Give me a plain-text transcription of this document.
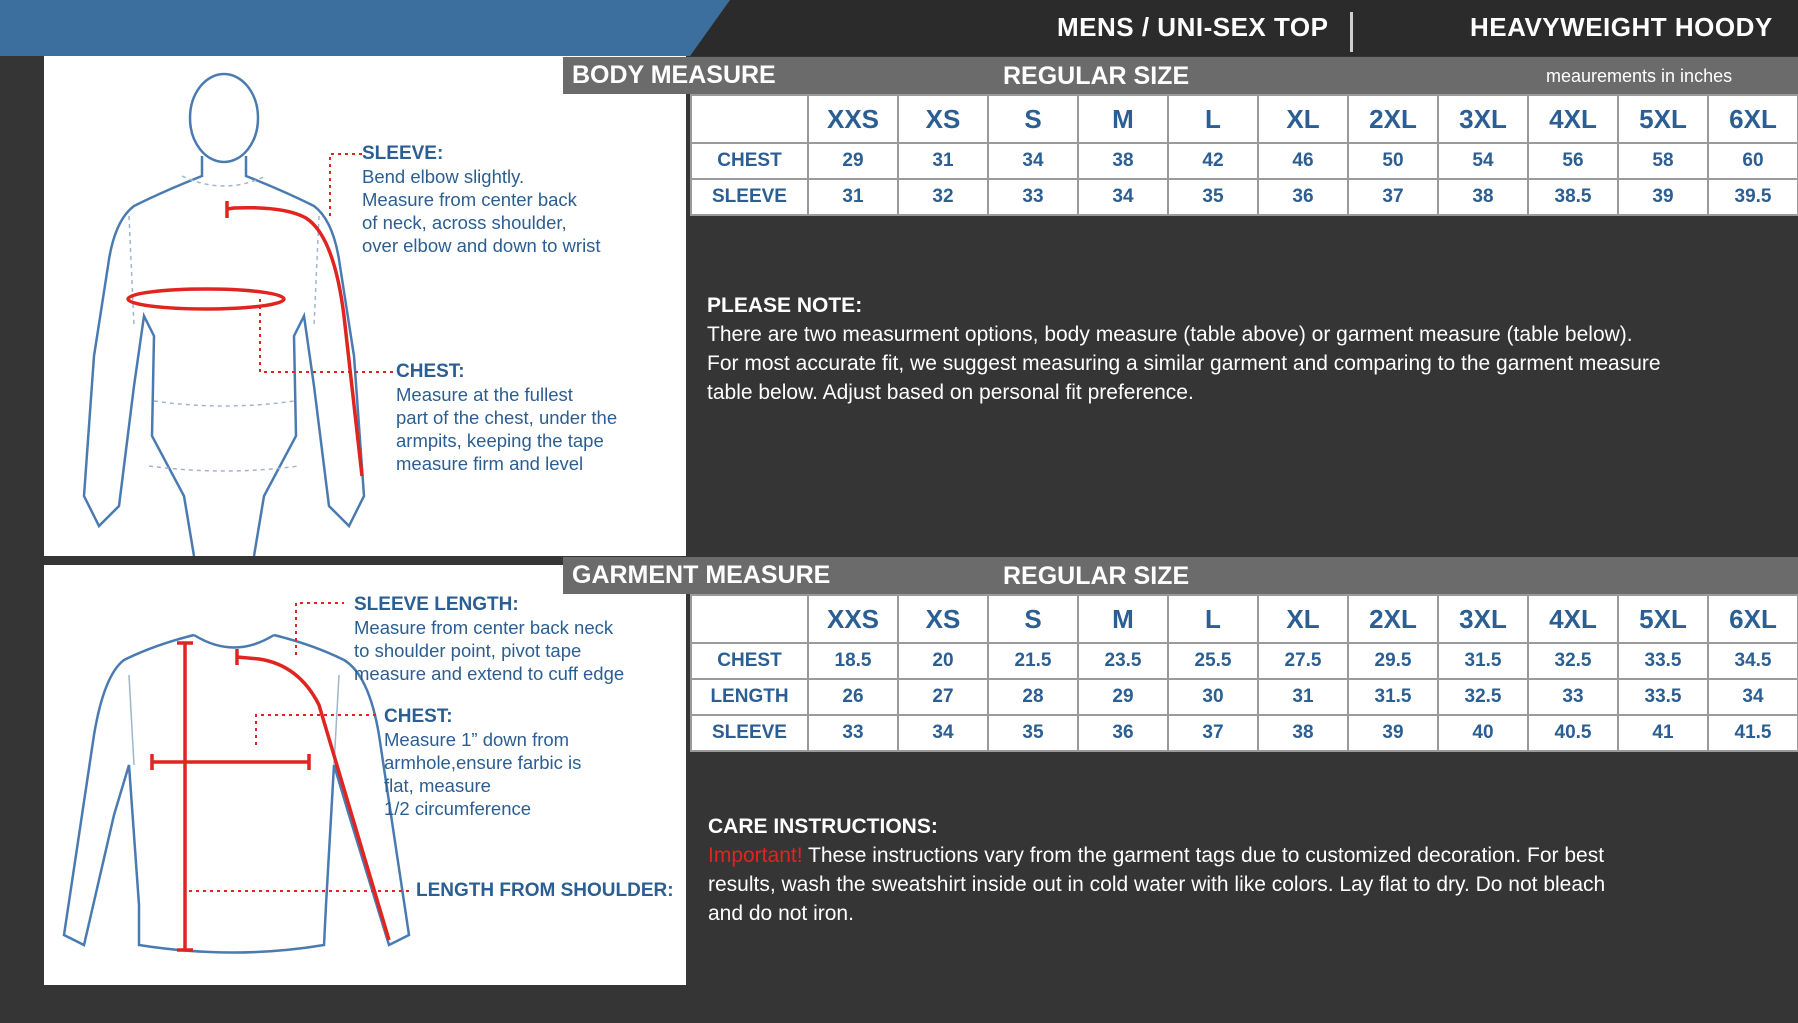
MENS / UNI-SEX TOP	HEAVYWEIGHT HOODY
SLEEVE:
Bend elbow slightly.
Measure from center back
of neck, across shoulder,
over elbow and down to wrist
CHEST:
Measure at the fullest
part of the chest, under the
armpits, keeping the tape
measure firm and level
BODY MEASURE	REGULAR SIZE	meaurements in inches
	XXS	XS	S	M	L	XL	2XL	3XL	4XL	5XL	6XL
CHEST	29	31	34	38	42	46	50	54	56	58	60
SLEEVE	31	32	33	34	35	36	37	38	38.5	39	39.5
PLEASE NOTE:
There are two measurment options, body measure (table above) or garment measure (table below).
For most accurate fit, we suggest measuring a similar garment and comparing to the garment measure
table below. Adjust based on personal fit preference.
SLEEVE LENGTH:
Measure from center back neck
to shoulder point, pivot tape
measure and extend to cuff edge
CHEST:
Measure 1” down from
armhole,ensure farbic is
flat, measure
1/2 circumference
LENGTH FROM SHOULDER:
GARMENT MEASURE	REGULAR SIZE
	XXS	XS	S	M	L	XL	2XL	3XL	4XL	5XL	6XL
CHEST	18.5	20	21.5	23.5	25.5	27.5	29.5	31.5	32.5	33.5	34.5
LENGTH	26	27	28	29	30	31	31.5	32.5	33	33.5	34
SLEEVE	33	34	35	36	37	38	39	40	40.5	41	41.5
CARE INSTRUCTIONS:
Important! These instructions vary from the garment tags due to customized decoration. For best
results, wash the sweatshirt inside out in cold water with like colors. Lay flat to dry. Do not bleach
and do not iron.
